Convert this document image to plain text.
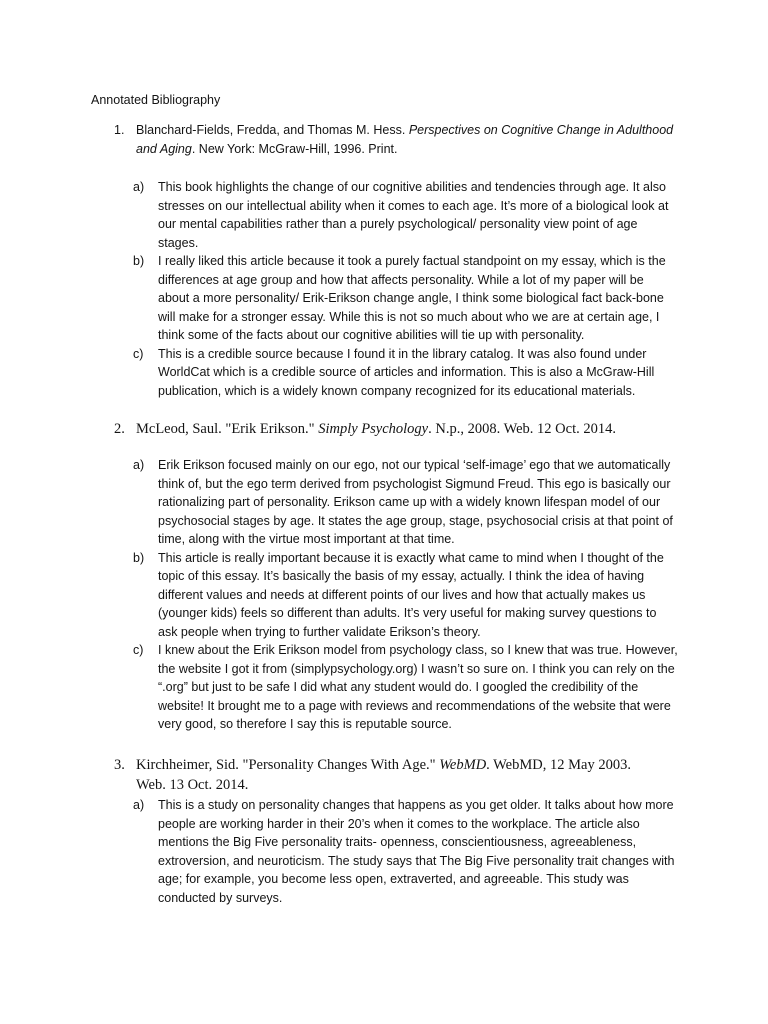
Annotated Bibliography
1. Blanchard-Fields, Fredda, and Thomas M. Hess. Perspectives on Cognitive Change in Adulthood and Aging. New York: McGraw-Hill, 1996. Print.
a) This book highlights the change of our cognitive abilities and tendencies through age. It also stresses on our intellectual ability when it comes to each age. It’s more of a biological look at our mental capabilities rather than a purely psychological/ personality view point of age stages.
b) I really liked this article because it took a purely factual standpoint on my essay, which is the differences at age group and how that affects personality. While a lot of my paper will be about a more personality/ Erik-Erikson change angle, I think some biological fact back-bone will make for a stronger essay. While this is not so much about who we are at certain age, I think some of the facts about our cognitive abilities will tie up with personality.
c) This is a credible source because I found it in the library catalog. It was also found under WorldCat which is a credible source of articles and information. This is also a McGraw-Hill publication, which is a widely known company recognized for its educational materials.
2. McLeod, Saul. "Erik Erikson." Simply Psychology. N.p., 2008. Web. 12 Oct. 2014.
a) Erik Erikson focused mainly on our ego, not our typical ‘self-image’ ego that we automatically think of, but the ego term derived from psychologist Sigmund Freud. This ego is basically our rationalizing part of personality. Erikson came up with a widely known lifespan model of our psychosocial stages by age. It states the age group, stage, psychosocial crisis at that point of time, along with the virtue most important at that time.
b) This article is really important because it is exactly what came to mind when I thought of the topic of this essay. It’s basically the basis of my essay, actually. I think the idea of having different values and needs at different points of our lives and how that actually makes us (younger kids) feels so different than adults. It’s very useful for making survey questions to ask people when trying to further validate Erikson’s theory.
c) I knew about the Erik Erikson model from psychology class, so I knew that was true. However, the website I got it from (simplypsychology.org) I wasn’t so sure on. I think you can rely on the “.org” but just to be safe I did what any student would do. I googled the credibility of the website! It brought me to a page with reviews and recommendations of the website that were very good, so therefore I say this is reputable source.
3. Kirchheimer, Sid. "Personality Changes With Age." WebMD. WebMD, 12 May 2003. Web. 13 Oct. 2014.
a) This is a study on personality changes that happens as you get older. It talks about how more people are working harder in their 20’s when it comes to the workplace. The article also mentions the Big Five personality traits- openness, conscientiousness, agreeableness, extroversion, and neuroticism. The study says that The Big Five personality trait changes with age; for example, you become less open, extraverted, and agreeable. This study was conducted by surveys.
